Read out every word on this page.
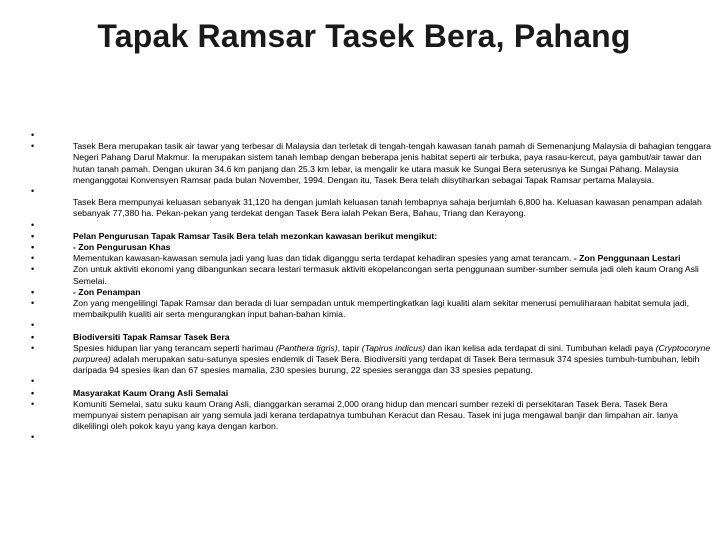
Tapak Ramsar Tasek Bera, Pahang
•

•	Tasek Bera merupakan tasik air tawar yang terbesar di Malaysia dan terletak di tengah-tengah kawasan tanah pamah di Semenanjung Malaysia di bahagian tenggara Negeri Pahang Darul Makmur. Ia merupakan sistem tanah lembap dengan beberapa jenis habitat seperti air terbuka, paya rasau-kercut, paya gambut/air tawar dan hutan tanah pamah. Dengan ukuran 34.6 km panjang dan 25.3 km lebar, ia mengalir ke utara masuk ke Sungai Bera seterusnya ke Sungai Pahang. Malaysia menganggotai Konvensyen Ramsar pada bulan November, 1994. Dengan itu, Tasek Bera telah diisytiharkan sebagai Tapak Ramsar pertama Malaysia.
•

Tasek Bera mempunyai keluasan sebanyak 31,120 ha dengan jumlah keluasan tanah lembapnya sahaja berjumlah 6,800 ha. Keluasan kawasan penampan adalah sebanyak 77,380 ha. Pekan-pekan yang terdekat dengan Tasek Bera ialah Pekan Bera, Bahau, Triang dan Kerayong.
•

•	Pelan Pengurusan Tapak Ramsar Tasik Bera telah mezonkan kawasan berikut mengikut:
•	- Zon Pengurusan Khas
•	Mementukan kawasan-kawasan semula jadi yang luas dan tidak diganggu serta terdapat kehadiran spesies yang amat terancam. - Zon Penggunaan Lestari
•	Zon untuk aktiviti ekonomi yang dibangunkan secara lestari termasuk aktiviti ekopelancongan serta penggunaan sumber-sumber semula jadi oleh kaum Orang Asli Semelai.
•	- Zon Penampan
•	Zon yang mengelilingi Tapak Ramsar dan berada di luar sempadan untuk mempertingkatkan lagi kualiti alam sekitar menerusi pemuliharaan habitat semula jadi, membaikpulih kualiti air serta mengurangkan input bahan-bahan kimia.
•

•	Biodiversiti Tapak Ramsar Tasek Bera
•	Spesies hidupan liar yang terancam seperti harimau (Panthera tigris), tapir (Tapirus indicus) dan ikan kelisa ada terdapat di sini. Tumbuhan keladi paya (Cryptocoryne purpurea) adalah merupakan satu-satunya spesies endemik di Tasek Bera. Biodiversiti yang terdapat di Tasek Bera termasuk 374 spesies tumbuh-tumbuhan, lebih daripada 94 spesies ikan dan 67 spesies mamalia, 230 spesies burung, 22 spesies serangga dan 33 spesies pepatung.
•

•	Masyarakat Kaum Orang Asli Semalai
•	Komuniti Semelai, satu suku kaum Orang Asli, dianggarkan seramai 2,000 orang hidup dan mencari sumber rezeki di persekitaran Tasek Bera. Tasek Bera mempunyai sistem penapisan air yang semula jadi kerana terdapatnya tumbuhan Keracut dan Resau. Tasek ini juga mengawal banjir dan limpahan air. Ianya dikelilingi oleh pokok kayu yang kaya dengan karbon.
•
